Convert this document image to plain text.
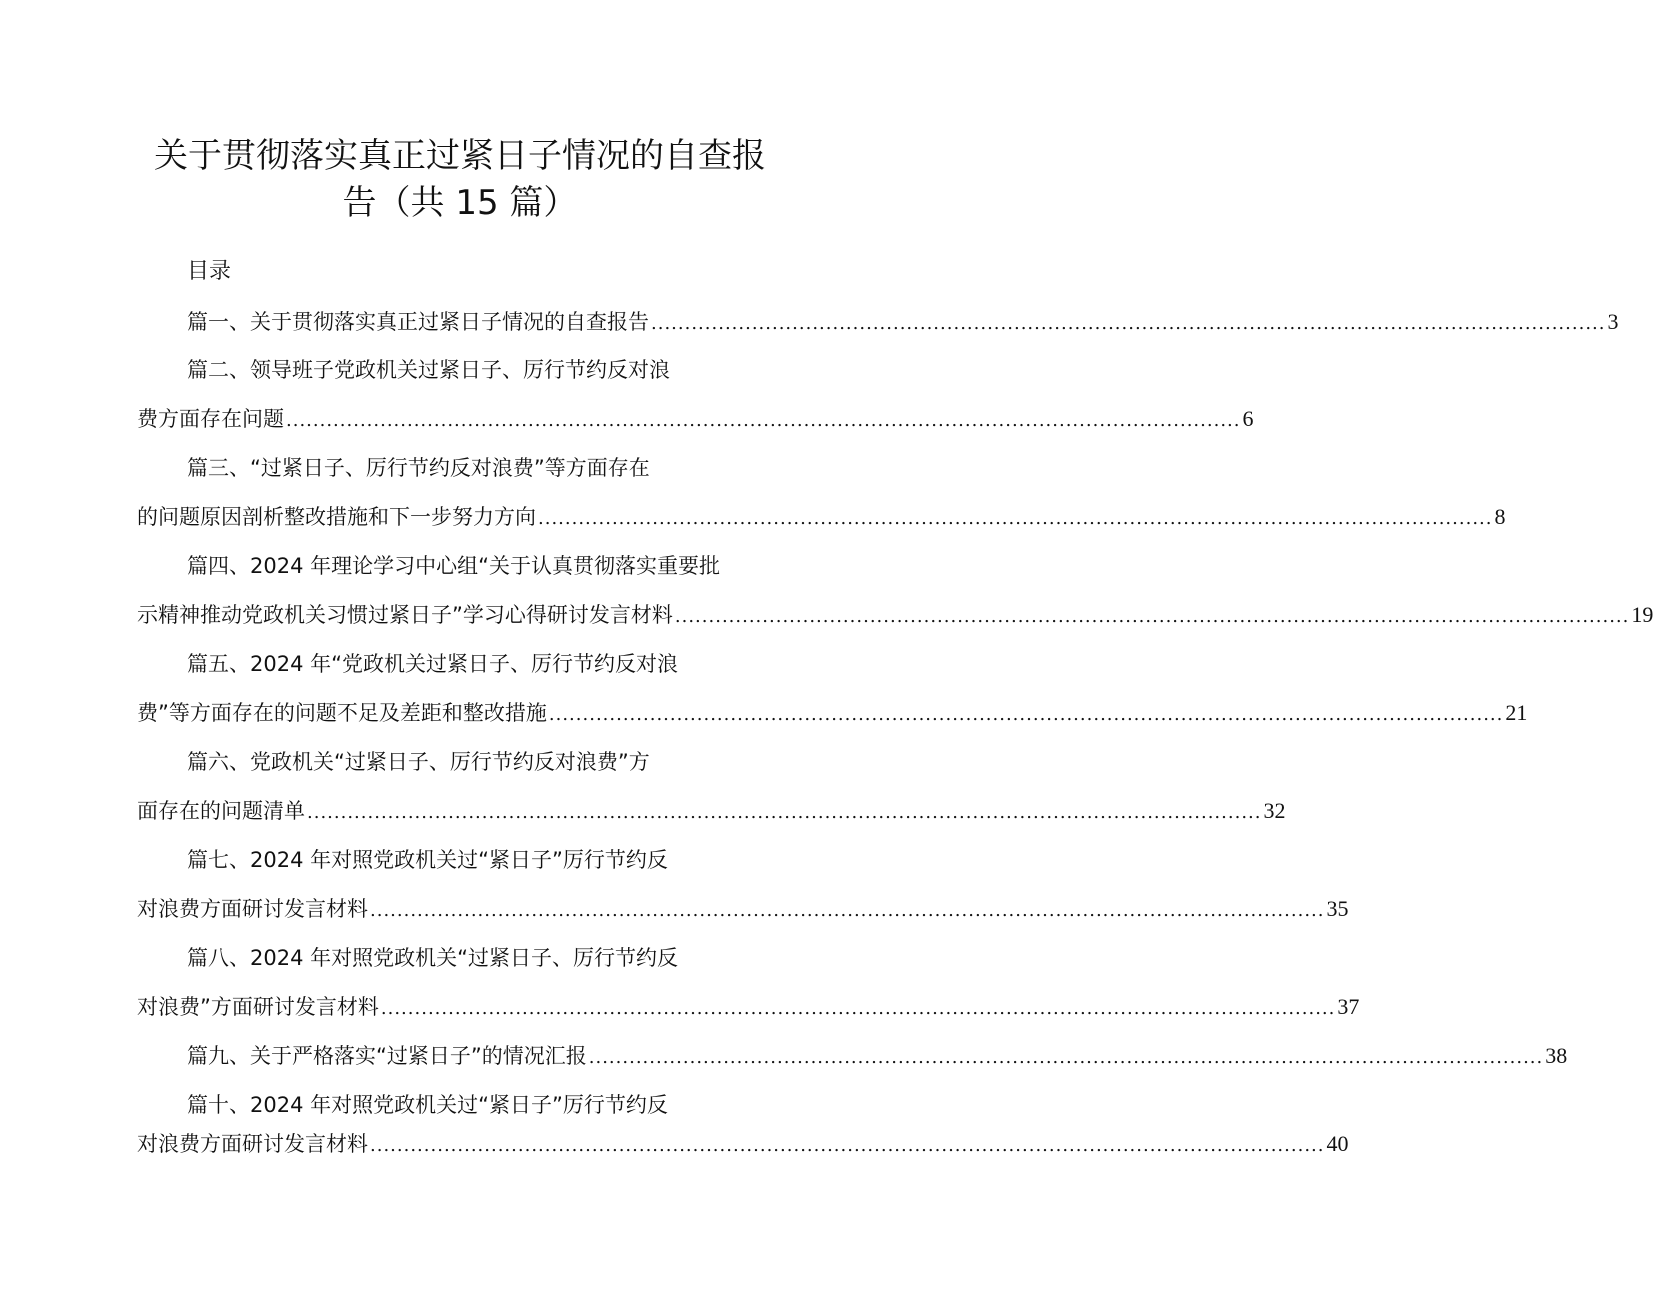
关于贯彻落实真正过紧日子情况的自查报
告（共 15 篇）
目录
篇一、关于贯彻落实真正过紧日子情况的自查报告 .............................................................................................................................................. 3
篇二、领导班子党政机关过紧日子、厉行节约反对浪
费方面存在问题 .............................................................................................................................................. 6
篇三、“过紧日子、厉行节约反对浪费”等方面存在
的问题原因剖析整改措施和下一步努力方向 .............................................................................................................................................. 8
篇四、2024 年理论学习中心组“关于认真贯彻落实重要批
示精神推动党政机关习惯过紧日子”学习心得研讨发言材料 .............................................................................................................................................. 19
篇五、2024 年“党政机关过紧日子、厉行节约反对浪
费”等方面存在的问题不足及差距和整改措施 .............................................................................................................................................. 21
篇六、党政机关“过紧日子、厉行节约反对浪费”方
面存在的问题清单 .............................................................................................................................................. 32
篇七、2024 年对照党政机关过“紧日子”厉行节约反
对浪费方面研讨发言材料 .............................................................................................................................................. 35
篇八、2024 年对照党政机关“过紧日子、厉行节约反
对浪费”方面研讨发言材料 .............................................................................................................................................. 37
篇九、关于严格落实“过紧日子”的情况汇报 .............................................................................................................................................. 38
篇十、2024 年对照党政机关过“紧日子”厉行节约反
对浪费方面研讨发言材料 .............................................................................................................................................. 40
